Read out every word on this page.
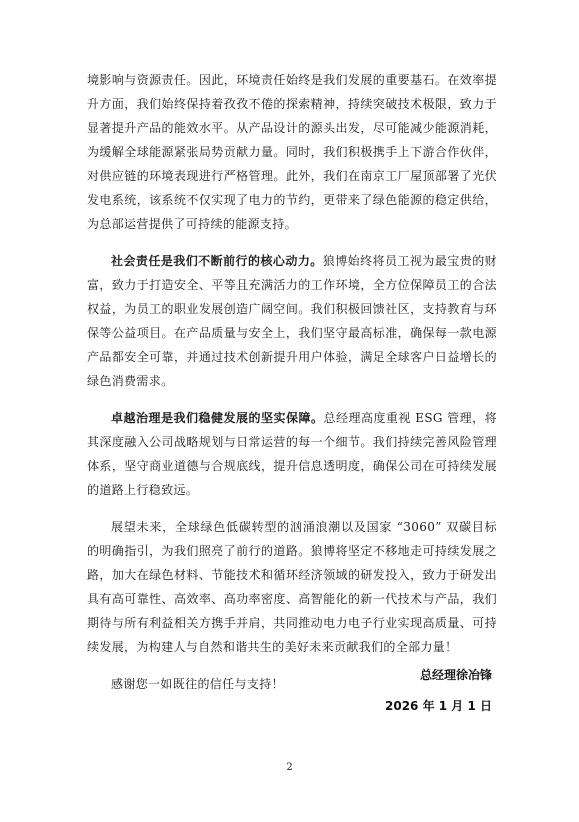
境影响与资源责任。因此，环境责任始终是我们发展的重要基石。在效率提升方面，我们始终保持着孜孜不倦的探索精神，持续突破技术极限，致力于显著提升产品的能效水平。从产品设计的源头出发，尽可能减少能源消耗，为缓解全球能源紧张局势贡献力量。同时，我们积极携手上下游合作伙伴，对供应链的环境表现进行严格管理。此外，我们在南京工厂屋顶部署了光伏发电系统，该系统不仅实现了电力的节约，更带来了绿色能源的稳定供给，为总部运营提供了可持续的能源支持。

社会责任是我们不断前行的核心动力。狼博始终将员工视为最宝贵的财富，致力于打造安全、平等且充满活力的工作环境，全方位保障员工的合法权益，为员工的职业发展创造广阔空间。我们积极回馈社区，支持教育与环保等公益项目。在产品质量与安全上，我们坚守最高标准，确保每一款电源产品都安全可靠，并通过技术创新提升用户体验，满足全球客户日益增长的绿色消费需求。

卓越治理是我们稳健发展的坚实保障。总经理高度重视 ESG 管理，将其深度融入公司战略规划与日常运营的每一个细节。我们持续完善风险管理体系，坚守商业道德与合规底线，提升信息透明度，确保公司在可持续发展的道路上行稳致远。

展望未来，全球绿色低碳转型的汹涌浪潮以及国家 “3060” 双碳目标的明确指引，为我们照亮了前行的道路。狼博将坚定不移地走可持续发展之路，加大在绿色材料、节能技术和循环经济领域的研发投入，致力于研发出具有高可靠性、高效率、高功率密度、高智能化的新一代技术与产品，我们期待与所有利益相关方携手并肩，共同推动电力电子行业实现高质量、可持续发展，为构建人与自然和谐共生的美好未来贡献我们的全部力量！

感谢您一如既往的信任与支持！

总经理徐冶锋
2026 年 1 月 1 日
2
